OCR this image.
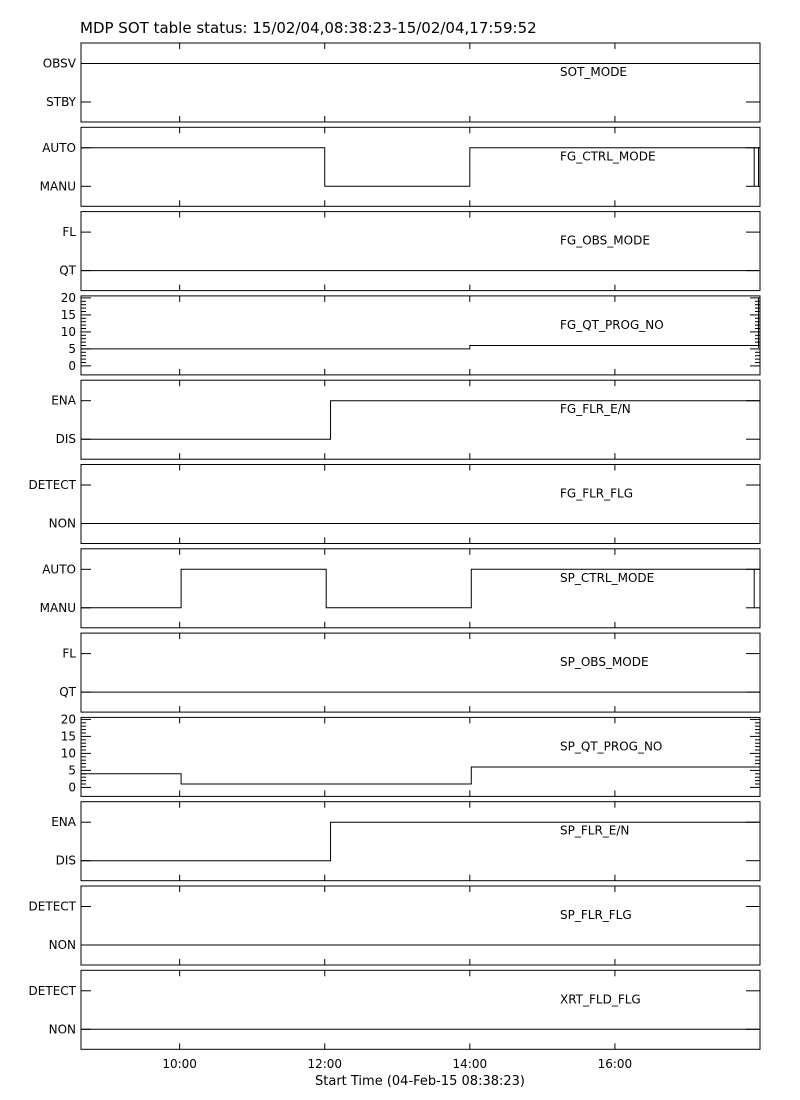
MDP SOT table status: 15/02/04,08:38:23-15/02/04,17:59:52
SOT_MODE
OBSV
STBY
FG_CTRL_MODE
AUTO
MANU
FG_OBS_MODE
FL
QT
FG_QT_PROG_NO
0
5
10
15
20
FG_FLR_E/N
ENA
DIS
FG_FLR_FLG
DETECT
NON
SP_CTRL_MODE
AUTO
MANU
SP_OBS_MODE
FL
QT
SP_QT_PROG_NO
0
5
10
15
20
SP_FLR_E/N
ENA
DIS
SP_FLR_FLG
DETECT
NON
XRT_FLD_FLG
DETECT
NON
10:00	12:00	14:00	16:00
Start Time (04-Feb-15 08:38:23)
